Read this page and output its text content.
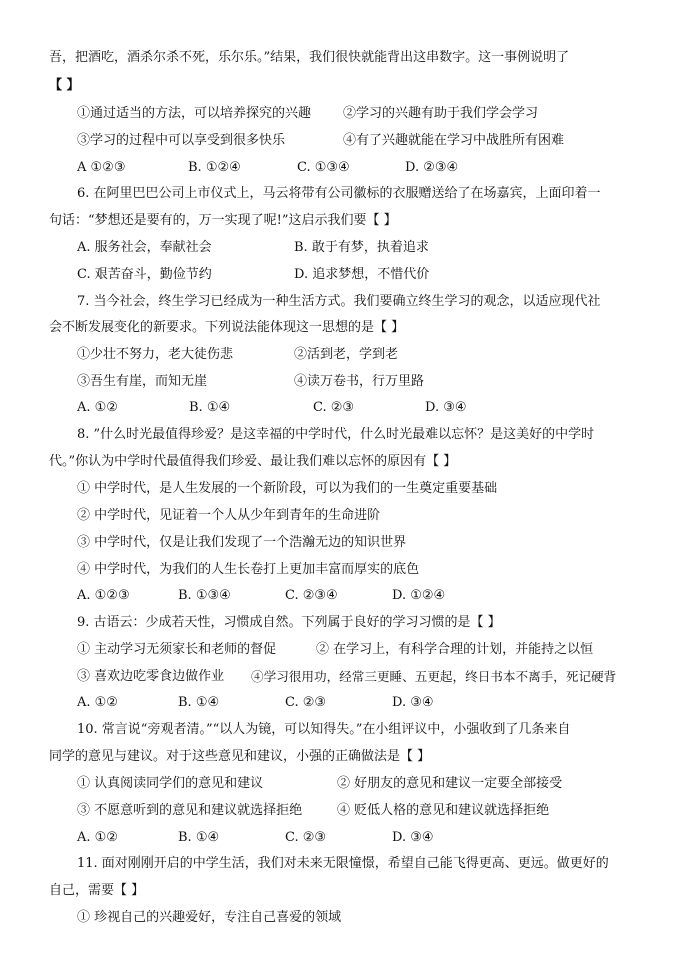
吾，把酒吃，酒杀尔杀不死，乐尔乐。”结果，我们很快就能背出这串数字。这一事例说明了
【 】
①通过适当的方法，可以培养探究的兴趣 ②学习的兴趣有助于我们学会学习
③学习的过程中可以享受到很多快乐	④有了兴趣就能在学习中战胜所有困难
A ①②③	B. ①②④	C. ①③④	D. ②③④
6. 在阿里巴巴公司上市仪式上，马云将带有公司徽标的衣服赠送给了在场嘉宾，上面印着一
句话：“梦想还是要有的，万一实现了呢!”这启示我们要【 】
A. 服务社会，奉献社会	B. 敢于有梦，执着追求
C. 艰苦奋斗，勤俭节约	D. 追求梦想，不惜代价
7. 当今社会，终生学习已经成为一种生活方式。我们要确立终生学习的观念，以适应现代社
会不断发展变化的新要求。下列说法能体现这一思想的是【 】
①少壮不努力，老大徒伤悲	②活到老，学到老
③吾生有崖，而知无崖	④读万卷书，行万里路
A. ①②	B. ①④	C. ②③	D. ③④
8. ”什么时光最值得珍爱？是这幸福的中学时代，什么时光最难以忘怀？是这美好的中学时
代。”你认为中学时代最值得我们珍爱、最让我们难以忘怀的原因有【 】
① 中学时代，是人生发展的一个新阶段，可以为我们的一生奠定重要基础
② 中学时代，见证着一个人从少年到青年的生命进阶
③ 中学时代，仅是让我们发现了一个浩瀚无边的知识世界
④ 中学时代，为我们的人生长卷打上更加丰富而厚实的底色
A. ①②③	B. ①③④	C. ②③④	D. ①②④
9. 古语云：少成若天性，习惯成自然。下列属于良好的学习习惯的是【 】
① 主动学习无须家长和老师的督促	② 在学习上，有科学合理的计划，并能持之以恒
③ 喜欢边吃零食边做作业 ④学习很用功，经常三更睡、五更起，终日书本不离手，死记硬背
A. ①②	B. ①④	C. ②③	D. ③④
10. 常言说“旁观者清。”“以人为镜，可以知得失。”在小组评议中，小强收到了几条来自
同学的意见与建议。对于这些意见和建议，小强的正确做法是【 】
① 认真阅读同学们的意见和建议	② 好朋友的意见和建议一定要全部接受
③ 不愿意听到的意见和建议就选择拒绝	④ 贬低人格的意见和建议就选择拒绝
A. ①②	B. ①④	C. ②③	D. ③④
11. 面对刚刚开启的中学生活，我们对未来无限憧憬，希望自己能飞得更高、更远。做更好的
自己，需要【 】
① 珍视自己的兴趣爱好，专注自己喜爱的领域
